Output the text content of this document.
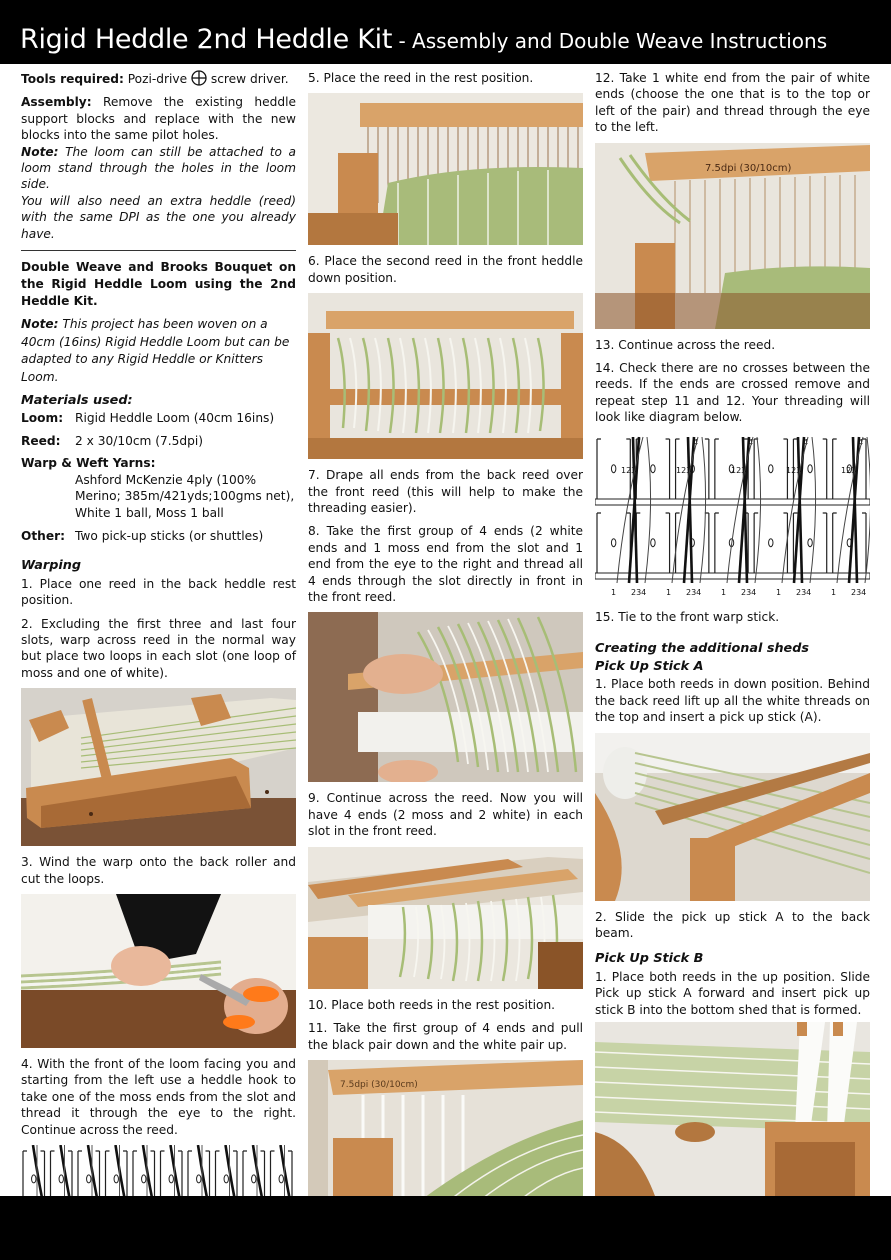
Rigid Heddle 2nd Heddle Kit - Assembly and Double Weave Instructions

Tools required: Pozi-drive  screw driver.

Assembly: Remove the existing heddle support blocks and replace with the new blocks into the same pilot holes.

Note: The loom can still be attached to a loom stand through the holes in the loom side.

You will also need an extra heddle (reed) with the same DPI as the one you already have.

Double Weave and Brooks Bouquet on the Rigid Heddle Loom using the 2nd Heddle Kit.

Note: This project has been woven on a 40cm (16ins) Rigid Heddle Loom but can be adapted to any Rigid Heddle or Knitters Loom.

Materials used:
Loom: Rigid Heddle Loom (40cm 16ins)
Reed:	2 x 30/10cm (7.5dpi)
Warp & Weft Yarns:
Ashford McKenzie 4ply (100% Merino; 385m/421yds;100gms net), White 1 ball, Moss 1 ball
Other: Two pick-up sticks (or shuttles)
Warping

1. Place one reed in the back heddle rest position.

2. Excluding the first three and last four slots, warp across reed in the normal way but place two loops in each slot (one loop of moss and one of white).

3. Wind the warp onto the back roller and cut the loops.

4. With the front of the loom facing you and starting from the left use a heddle hook to take one of the moss ends from the slot and thread it through the eye to the right. Continue across the reed.

5. Place the reed in the rest position.

6. Place the second reed in the front heddle down position.

7. Drape all ends from the back reed over the front reed (this will help to make the threading easier).

8. Take the first group of 4 ends (2 white ends and 1 moss end from the slot and 1 end from the eye to the right and thread all 4 ends through the slot directly in front in the front reed.

9. Continue across the reed. Now you will have 4 ends (2 moss and 2 white) in each slot in the front reed.

10. Place both reeds in the rest position.

11. Take the first group of 4 ends and pull the black pair down and the white pair up.

7.5dpi (30/10cm)

12. Take 1 white end from the pair of white ends (choose the one that is to the top or left of the pair) and thread through the eye to the left.

7.5dpi (30/10cm)

13. Continue across the reed.

14. Check there are no crosses between the reeds. If the ends are crossed remove and repeat step 11 and 12. Your threading will look like diagram below.

4
123
1 234
4
123
1 234
4
123
1 234
4
123
1 234
123
1 234

15. Tie to the front warp stick.

Creating the additional sheds
Pick Up Stick A

1. Place both reeds in down position. Behind the back reed lift up all the white threads on the top and insert a pick up stick (A).

2. Slide the pick up stick A to the back beam.

Pick Up Stick B

1. Place both reeds in the up position. Slide Pick up stick A forward and insert pick up stick B into the bottom shed that is formed.
